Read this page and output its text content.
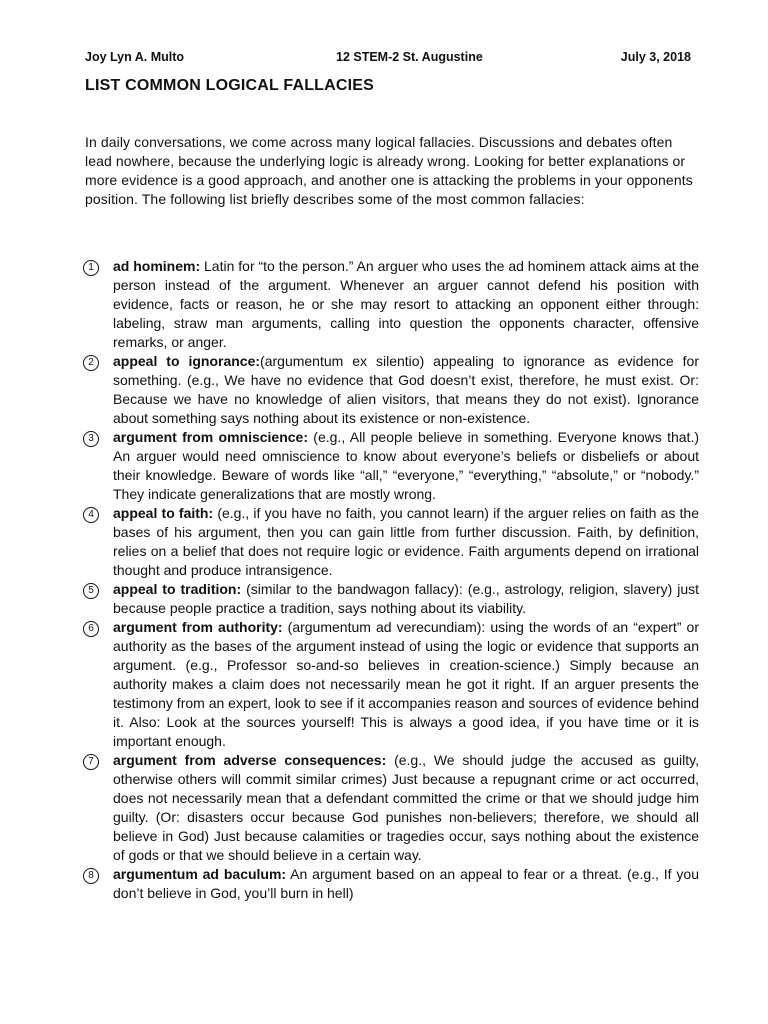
Joy Lyn A. Multo	12 STEM-2 St. Augustine	July 3, 2018
LIST COMMON LOGICAL FALLACIES

In daily conversations, we come across many logical fallacies. Discussions and debates often lead nowhere, because the underlying logic is already wrong. Looking for better explanations or more evidence is a good approach, and another one is attacking the problems in your opponents position. The following list briefly describes some of the most common fallacies:

1	ad hominem: Latin for “to the person.” An arguer who uses the ad hominem attack aims at the person instead of the argument. Whenever an arguer cannot defend his position with evidence, facts or reason, he or she may resort to attacking an opponent either through: labeling, straw man arguments, calling into question the opponents character, offensive remarks, or anger.
2	appeal to ignorance:(argumentum ex silentio) appealing to ignorance as evidence for something. (e.g., We have no evidence that God doesn’t exist, therefore, he must exist. Or: Because we have no knowledge of alien visitors, that means they do not exist). Ignorance about something says nothing about its existence or non-existence.
3	argument from omniscience: (e.g., All people believe in something. Everyone knows that.) An arguer would need omniscience to know about everyone’s beliefs or disbeliefs or about their knowledge. Beware of words like “all,” “everyone,” “everything,” “absolute,” or “nobody.” They indicate generalizations that are mostly wrong.
4	appeal to faith: (e.g., if you have no faith, you cannot learn) if the arguer relies on faith as the bases of his argument, then you can gain little from further discussion. Faith, by definition, relies on a belief that does not require logic or evidence. Faith arguments depend on irrational thought and produce intransigence.
5	appeal to tradition: (similar to the bandwagon fallacy): (e.g., astrology, religion, slavery) just because people practice a tradition, says nothing about its viability.
6	argument from authority: (argumentum ad verecundiam): using the words of an “expert” or authority as the bases of the argument instead of using the logic or evidence that supports an argument. (e.g., Professor so-and-so believes in creation-science.) Simply because an authority makes a claim does not necessarily mean he got it right. If an arguer presents the testimony from an expert, look to see if it accompanies reason and sources of evidence behind it. Also: Look at the sources yourself! This is always a good idea, if you have time or it is important enough.
7	argument from adverse consequences: (e.g., We should judge the accused as guilty, otherwise others will commit similar crimes) Just because a repugnant crime or act occurred, does not necessarily mean that a defendant committed the crime or that we should judge him guilty. (Or: disasters occur because God punishes non-believers; therefore, we should all believe in God) Just because calamities or tragedies occur, says nothing about the existence of gods or that we should believe in a certain way.
8	argumentum ad baculum: An argument based on an appeal to fear or a threat. (e.g., If you don’t believe in God, you’ll burn in hell)
